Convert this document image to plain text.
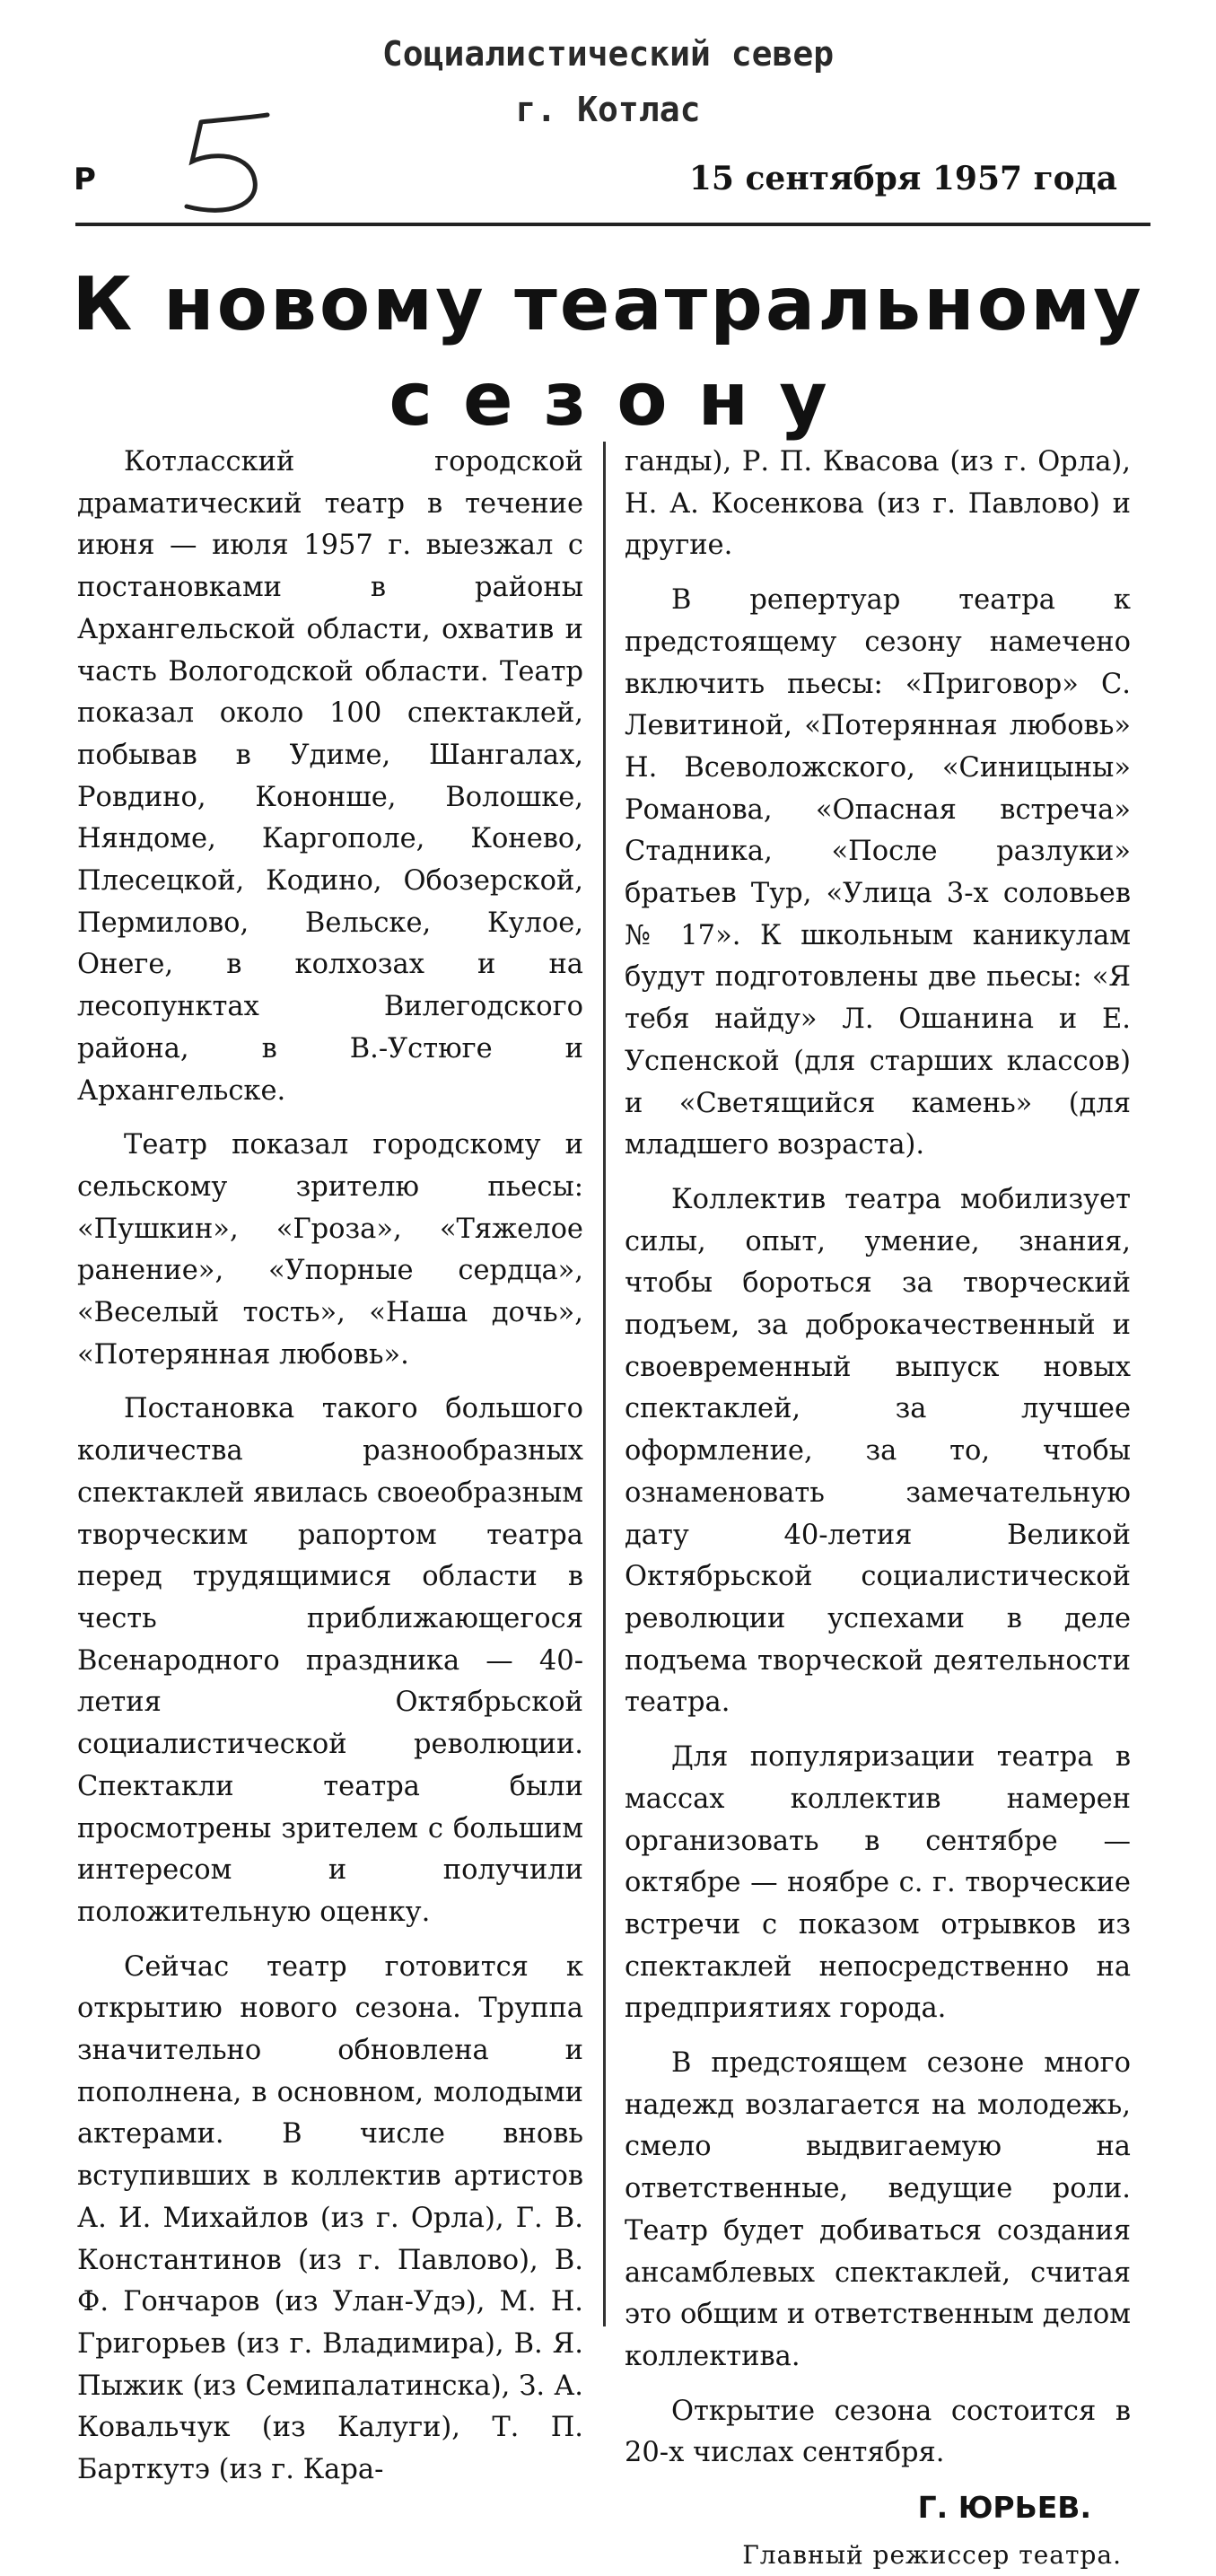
Социалистический север
г. Котлас
Р	15 сентября 1957 года
К новому театральному
сезону

Котласский городской драматический театр в течение июня — июля 1957 г. выезжал с постановками в районы Архангельской области, охватив и часть Вологодской области. Театр показал около 100 спектаклей, побывав в Удиме, Шангалах, Ровдино, Кононше, Волошке, Няндоме, Каргополе, Конево, Плесецкой, Кодино, Обозерской, Пермилово, Вельске, Кулое, Онеге, в колхозах и на лесопунктах Вилегодского района, в В.-Устюге и Архангельске.

Театр показал городскому и сельскому зрителю пьесы: «Пушкин», «Гроза», «Тяжелое ранение», «Упорные сердца», «Веселый тость», «Наша дочь», «Потерянная любовь».

Постановка такого большого количества разнообразных спектаклей явилась своеобразным творческим рапортом театра перед трудящимися области в честь приближающегося Всенародного праздника — 40-летия Октябрьской социалистической революции. Спектакли театра были просмотрены зрителем с большим интересом и получили положительную оценку.

Сейчас театр готовится к открытию нового сезона. Труппа значительно обновлена и пополнена, в основном, молодыми актерами. В числе вновь вступивших в коллектив артистов А. И. Михайлов (из г. Орла), Г. В. Константинов (из г. Павлово), В. Ф. Гончаров (из Улан-Удэ), М. Н. Григорьев (из г. Владимира), В. Я. Пыжик (из Семипалатинска), З. А. Ковальчук (из Калуги), Т. П. Барткутэ (из г. Кара-

ганды), Р. П. Квасова (из г. Орла), Н. А. Косенкова (из г. Павлово) и другие.

В репертуар театра к предстоящему сезону намечено включить пьесы: «Приговор» С. Левитиной, «Потерянная любовь» Н. Всеволожского, «Синицыны» Романова, «Опасная встреча» Стадника, «После разлуки» братьев Тур, «Улица 3-х соловьев № 17». К школьным каникулам будут подготовлены две пьесы: «Я тебя найду» Л. Ошанина и Е. Успенской (для старших классов) и «Светящийся камень» (для младшего возраста).

Коллектив театра мобилизует силы, опыт, умение, знания, чтобы бороться за творческий подъем, за доброкачественный и своевременный выпуск новых спектаклей, за лучшее оформление, за то, чтобы ознаменовать замечательную дату 40-летия Великой Октябрьской социалистической революции успехами в деле подъема творческой деятельности театра.

Для популяризации театра в массах коллектив намерен организовать в сентябре — октябре — ноябре с. г. творческие встречи с показом отрывков из спектаклей непосредственно на предприятиях города.

В предстоящем сезоне много надежд возлагается на молодежь, смело выдвигаемую на ответственные, ведущие роли. Театр будет добиваться создания ансамблевых спектаклей, считая это общим и ответственным делом коллектива.

Открытие сезона состоится в 20-х числах сентября.

Г. ЮРЬЕВ.
Главный режиссер театра.
